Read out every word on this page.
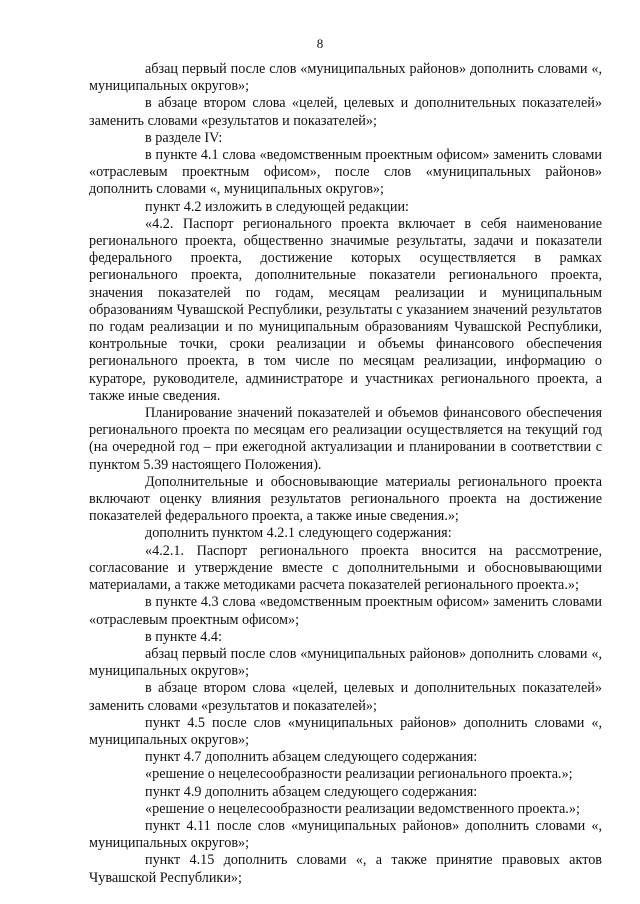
8

абзац первый после слов «муниципальных районов» дополнить словами «, муниципальных округов»;

в абзаце втором слова «целей, целевых и дополнительных показателей» заменить словами «результатов и показателей»;

в разделе IV:

в пункте 4.1 слова «ведомственным проектным офисом» заменить словами «отраслевым проектным офисом», после слов «муниципальных районов» дополнить словами «, муниципальных округов»;

пункт 4.2 изложить в следующей редакции:

«4.2. Паспорт регионального проекта включает в себя наименование регионального проекта, общественно значимые результаты, задачи и показатели федерального проекта, достижение которых осуществляется в рамках регионального проекта, дополнительные показатели регионального проекта, значения показателей по годам, месяцам реализации и муниципальным образованиям Чувашской Республики, результаты с указанием значений результатов по годам реализации и по муниципальным образованиям Чувашской Республики, контрольные точки, сроки реализации и объемы финансового обеспечения регионального проекта, в том числе по месяцам реализации, информацию о кураторе, руководителе, администраторе и участниках регионального проекта, а также иные сведения.

Планирование значений показателей и объемов финансового обеспечения регионального проекта по месяцам его реализации осуществляется на текущий год (на очередной год – при ежегодной актуализации и планировании в соответствии с пунктом 5.39 настоящего Положения).

Дополнительные и обосновывающие материалы регионального проекта включают оценку влияния результатов регионального проекта на достижение показателей федерального проекта, а также иные сведения.»;

дополнить пунктом 4.2.1 следующего содержания:

«4.2.1. Паспорт регионального проекта вносится на рассмотрение, согласование и утверждение вместе с дополнительными и обосновывающими материалами, а также методиками расчета показателей регионального проекта.»;

в пункте 4.3 слова «ведомственным проектным офисом» заменить словами «отраслевым проектным офисом»;

в пункте 4.4:

абзац первый после слов «муниципальных районов» дополнить словами «, муниципальных округов»;

в абзаце втором слова «целей, целевых и дополнительных показателей» заменить словами «результатов и показателей»;

пункт 4.5 после слов «муниципальных районов» дополнить словами «, муниципальных округов»;

пункт 4.7 дополнить абзацем следующего содержания:

«решение о нецелесообразности реализации регионального проекта.»;

пункт 4.9 дополнить абзацем следующего содержания:

«решение о нецелесообразности реализации ведомственного проекта.»;

пункт 4.11 после слов «муниципальных районов» дополнить словами «, муниципальных округов»;

пункт 4.15 дополнить словами «, а также принятие правовых актов Чувашской Республики»;
